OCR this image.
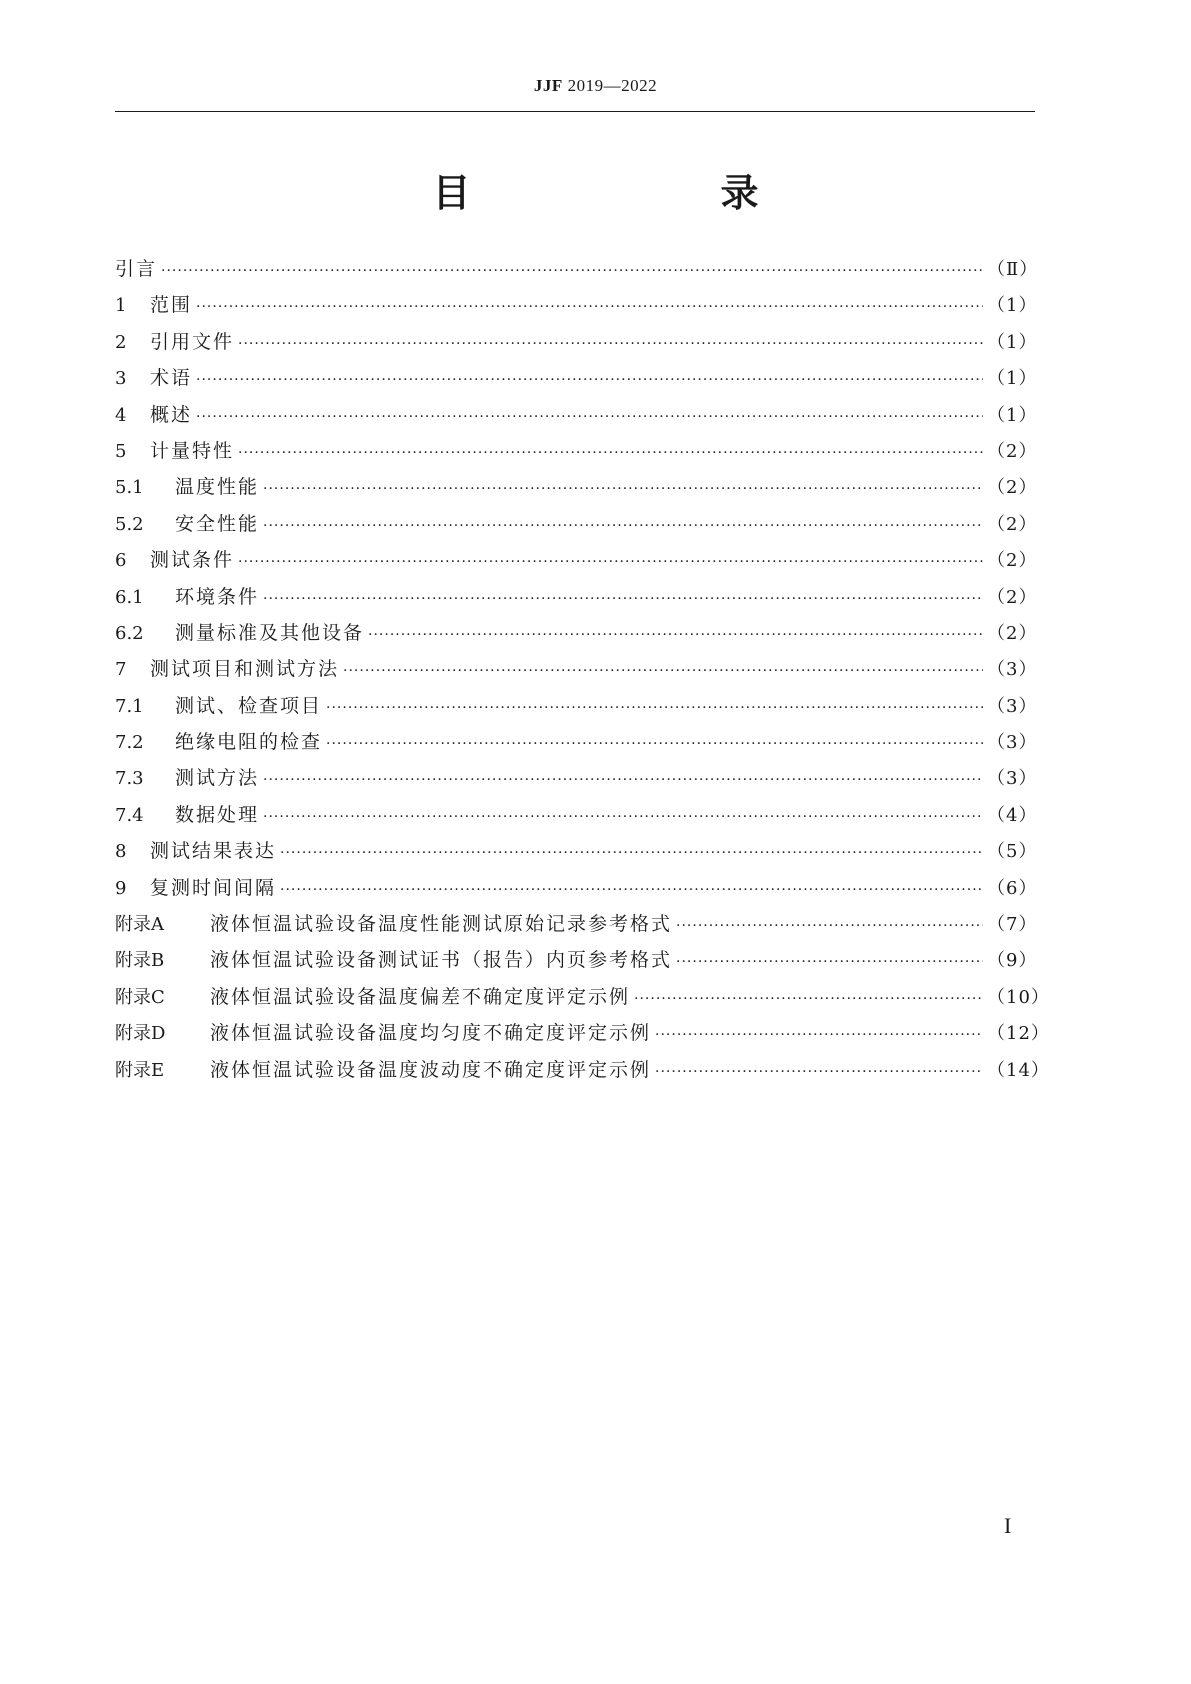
JJF 2019—2022
目　　录
引言 ·····	（Ⅱ）
1	范围 ·····	（1）
2	引用文件 ·····	（1）
3	术语 ·····	（1）
4	概述 ·····	（1）
5	计量特性 ·····	（2）
5.1	温度性能 ·····	（2）
5.2	安全性能 ·····	（2）
6	测试条件 ·····	（2）
6.1	环境条件 ·····	（2）
6.2	测量标准及其他设备 ·····	（2）
7	测试项目和测试方法 ·····	（3）
7.1	测试、检查项目 ·····	（3）
7.2	绝缘电阻的检查 ·····	（3）
7.3	测试方法 ·····	（3）
7.4	数据处理 ·····	（4）
8	测试结果表达 ·····	（5）
9	复测时间间隔 ·····	（6）
附录A	液体恒温试验设备温度性能测试原始记录参考格式 ·····	（7）
附录B	液体恒温试验设备测试证书（报告）内页参考格式 ·····	（9）
附录C	液体恒温试验设备温度偏差不确定度评定示例 ·····	（10）
附录D	液体恒温试验设备温度均匀度不确定度评定示例 ·····	（12）
附录E	液体恒温试验设备温度波动度不确定度评定示例 ·····	（14）
I
